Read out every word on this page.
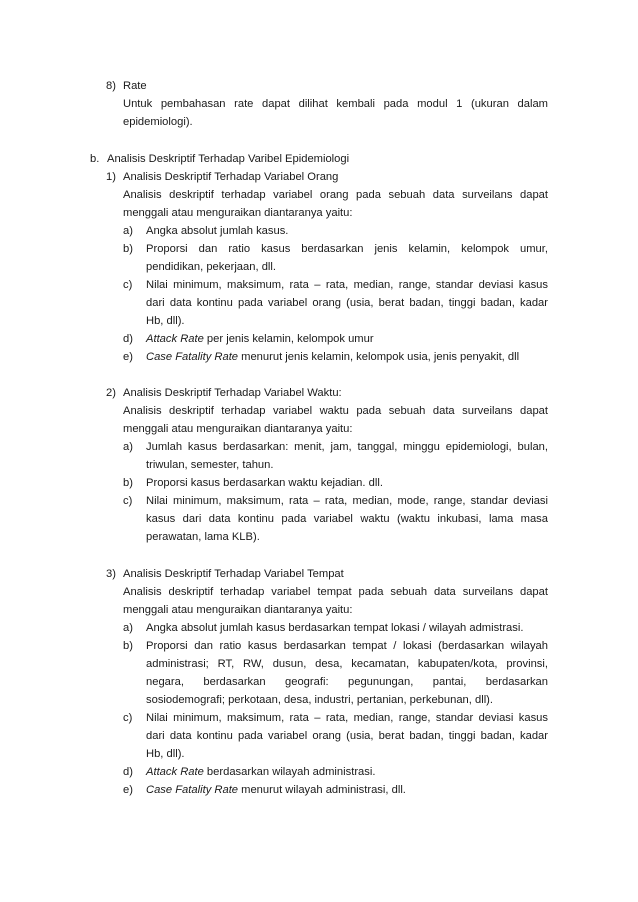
8) Rate
Untuk pembahasan rate dapat dilihat kembali pada modul 1 (ukuran dalam
epidemiologi).
b. Analisis Deskriptif Terhadap Varibel Epidemiologi
1) Analisis Deskriptif Terhadap Variabel Orang
Analisis deskriptif terhadap variabel orang pada sebuah data surveilans dapat
menggali atau menguraikan diantaranya yaitu:
a) Angka absolut jumlah kasus.
b) Proporsi dan ratio kasus berdasarkan jenis kelamin, kelompok umur,
pendidikan, pekerjaan, dll.
c) Nilai minimum, maksimum, rata – rata, median, range, standar deviasi kasus
dari data kontinu pada variabel orang (usia, berat badan, tinggi badan, kadar
Hb, dll).
d) Attack Rate per jenis kelamin, kelompok umur
e) Case Fatality Rate menurut jenis kelamin, kelompok usia, jenis penyakit, dll
2) Analisis Deskriptif Terhadap Variabel Waktu:
Analisis deskriptif terhadap variabel waktu pada sebuah data surveilans dapat
menggali atau menguraikan diantaranya yaitu:
a) Jumlah kasus berdasarkan: menit, jam, tanggal, minggu epidemiologi, bulan,
triwulan, semester, tahun.
b) Proporsi kasus berdasarkan waktu kejadian. dll.
c) Nilai minimum, maksimum, rata – rata, median, mode, range, standar deviasi
kasus dari data kontinu pada variabel waktu (waktu inkubasi, lama masa
perawatan, lama KLB).
3) Analisis Deskriptif Terhadap Variabel Tempat
Analisis deskriptif terhadap variabel tempat pada sebuah data surveilans dapat
menggali atau menguraikan diantaranya yaitu:
a) Angka absolut jumlah kasus berdasarkan tempat lokasi / wilayah admistrasi.
b) Proporsi dan ratio kasus berdasarkan tempat / lokasi (berdasarkan wilayah
administrasi; RT, RW, dusun, desa, kecamatan, kabupaten/kota, provinsi,
negara, berdasarkan geografi: pegunungan, pantai, berdasarkan
sosiodemografi; perkotaan, desa, industri, pertanian, perkebunan, dll).
c) Nilai minimum, maksimum, rata – rata, median, range, standar deviasi kasus
dari data kontinu pada variabel orang (usia, berat badan, tinggi badan, kadar
Hb, dll).
d) Attack Rate berdasarkan wilayah administrasi.
e) Case Fatality Rate menurut wilayah administrasi, dll.
